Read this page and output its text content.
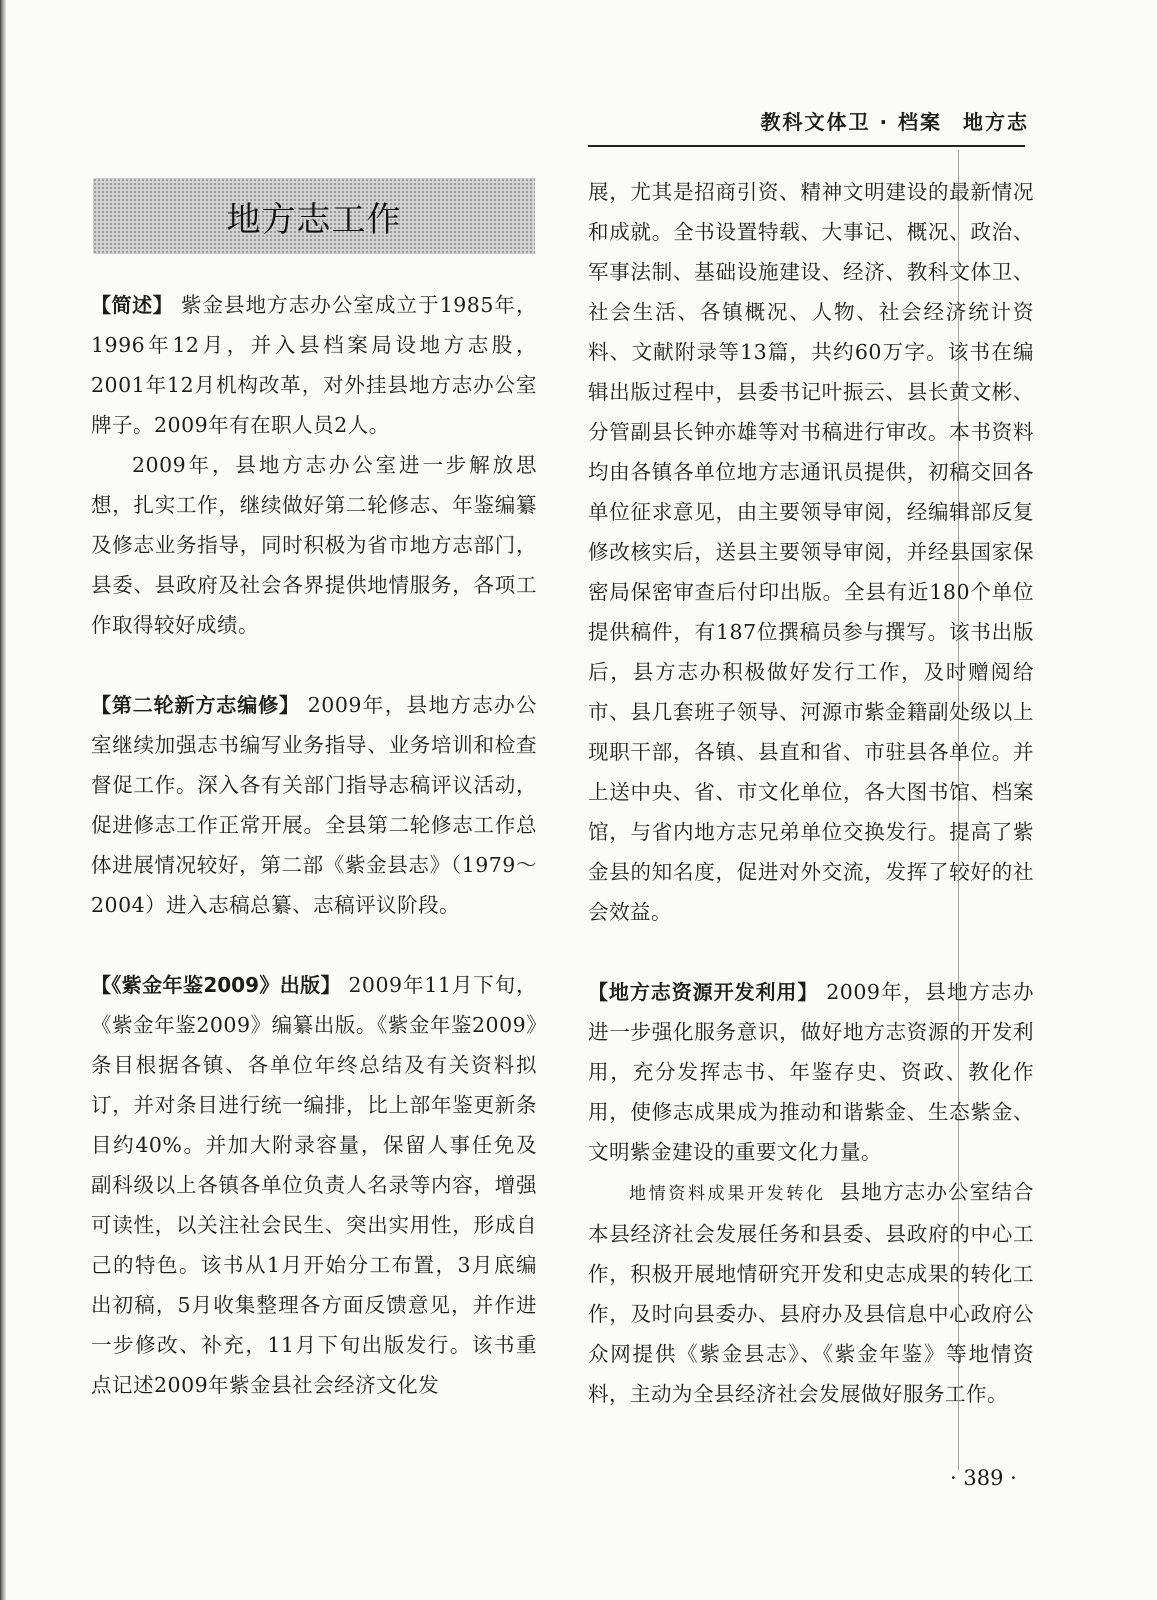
教科文体卫 · 档案 地方志
地方志工作

【简述】 紫金县地方志办公室成立于1985年，1996年12月，并入县档案局设地方志股，2001年12月机构改革，对外挂县地方志办公室牌子。2009年有在职人员2人。

2009年，县地方志办公室进一步解放思想，扎实工作，继续做好第二轮修志、年鉴编纂及修志业务指导，同时积极为省市地方志部门，县委、县政府及社会各界提供地情服务，各项工作取得较好成绩。

【第二轮新方志编修】 2009年，县地方志办公室继续加强志书编写业务指导、业务培训和检查督促工作。深入各有关部门指导志稿评议活动，促进修志工作正常开展。全县第二轮修志工作总体进展情况较好，第二部《紫金县志》（1979～2004）进入志稿总纂、志稿评议阶段。

【《紫金年鉴2009》出版】 2009年11月下旬，《紫金年鉴2009》编纂出版。《紫金年鉴2009》条目根据各镇、各单位年终总结及有关资料拟订，并对条目进行统一编排，比上部年鉴更新条目约40%。并加大附录容量，保留人事任免及副科级以上各镇各单位负责人名录等内容，增强可读性，以关注社会民生、突出实用性，形成自己的特色。该书从1月开始分工布置，3月底编出初稿，5月收集整理各方面反馈意见，并作进一步修改、补充，11月下旬出版发行。该书重点记述2009年紫金县社会经济文化发

展，尤其是招商引资、精神文明建设的最新情况和成就。全书设置特载、大事记、概况、政治、军事法制、基础设施建设、经济、教科文体卫、社会生活、各镇概况、人物、社会经济统计资料、文献附录等13篇，共约60万字。该书在编辑出版过程中，县委书记叶振云、县长黄文彬、分管副县长钟亦雄等对书稿进行审改。本书资料均由各镇各单位地方志通讯员提供，初稿交回各单位征求意见，由主要领导审阅，经编辑部反复修改核实后，送县主要领导审阅，并经县国家保密局保密审查后付印出版。全县有近180个单位提供稿件，有187位撰稿员参与撰写。该书出版后，县方志办积极做好发行工作，及时赠阅给市、县几套班子领导、河源市紫金籍副处级以上现职干部，各镇、县直和省、市驻县各单位。并上送中央、省、市文化单位，各大图书馆、档案馆，与省内地方志兄弟单位交换发行。提高了紫金县的知名度，促进对外交流，发挥了较好的社会效益。

【地方志资源开发利用】 2009年，县地方志办进一步强化服务意识，做好地方志资源的开发利用，充分发挥志书、年鉴存史、资政、教化作用，使修志成果成为推动和谐紫金、生态紫金、文明紫金建设的重要文化力量。

地情资料成果开发转化 县地方志办公室结合本县经济社会发展任务和县委、县政府的中心工作，积极开展地情研究开发和史志成果的转化工作，及时向县委办、县府办及县信息中心政府公众网提供《紫金县志》、《紫金年鉴》等地情资料，主动为全县经济社会发展做好服务工作。

· 389 ·
